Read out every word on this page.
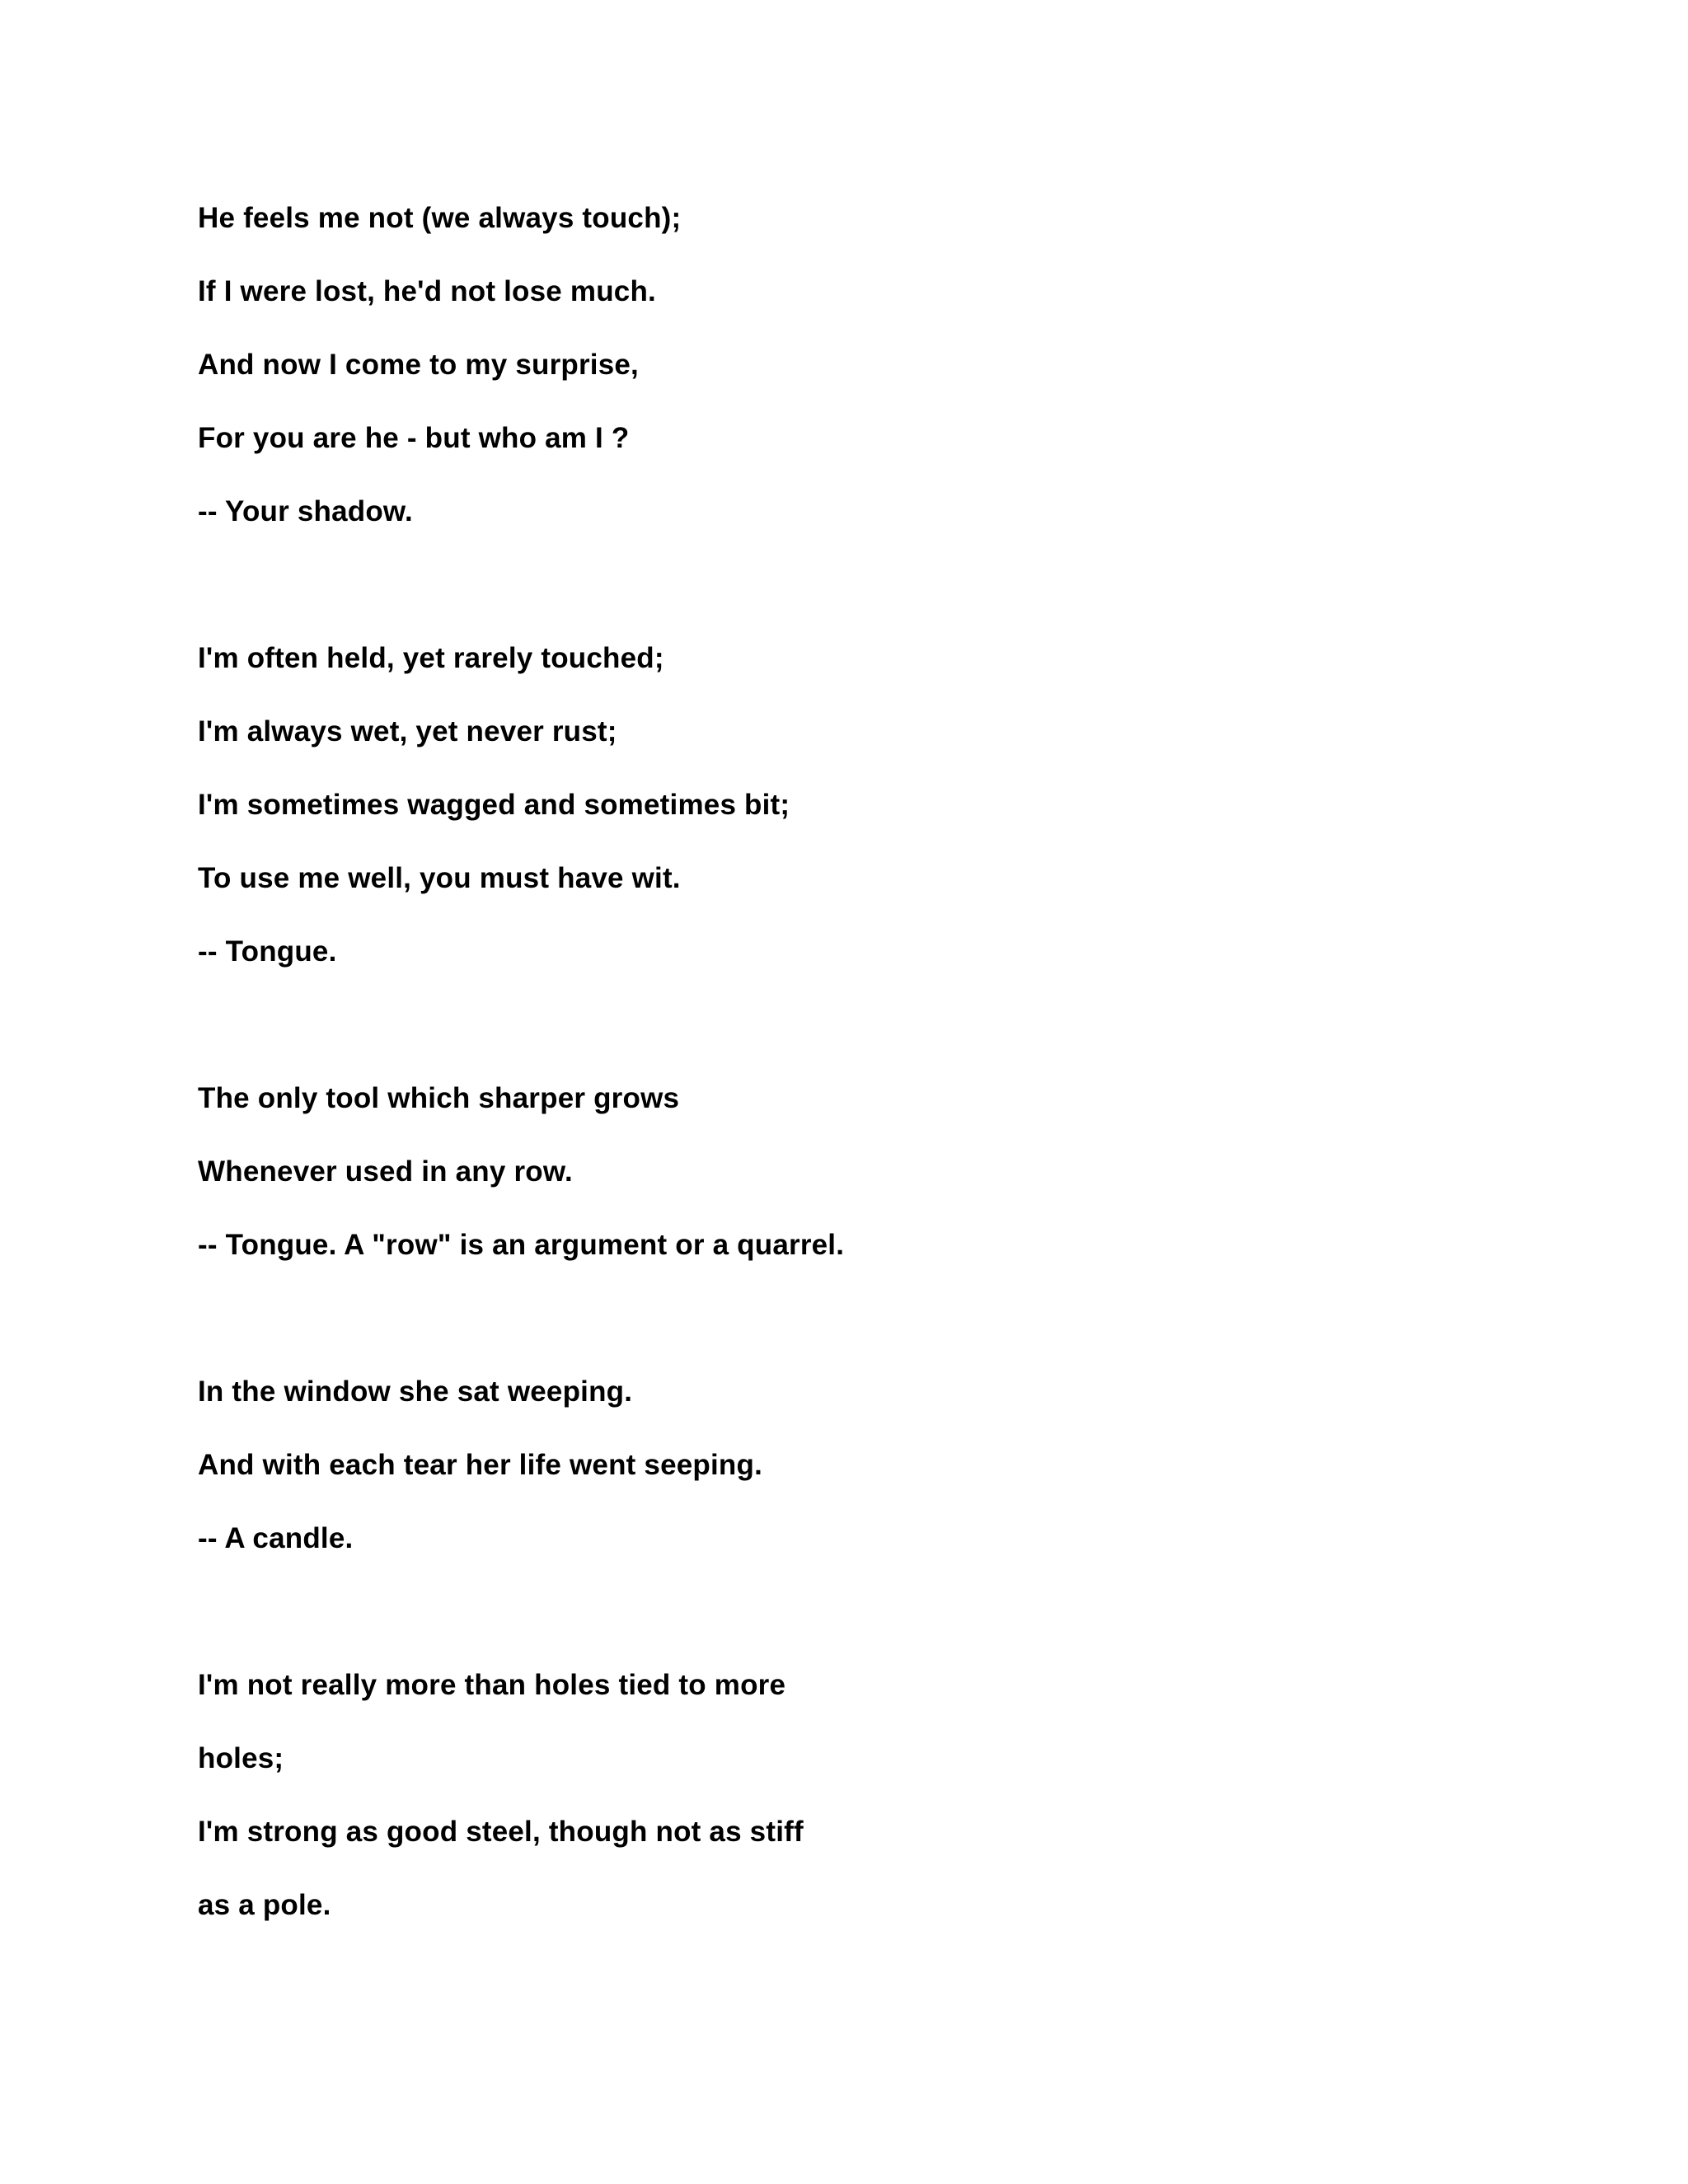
He feels me not (we always touch);
If I were lost, he'd not lose much.
And now I come to my surprise,
For you are he - but who am I ?
-- Your shadow.
I'm often held, yet rarely touched;
I'm always wet, yet never rust;
I'm sometimes wagged and sometimes bit;
To use me well, you must have wit.
-- Tongue.
The only tool which sharper grows
Whenever used in any row.
-- Tongue. A "row" is an argument or a quarrel.
In the window she sat weeping.
And with each tear her life went seeping.
-- A candle.
I'm not really more than holes tied to more
holes;
I'm strong as good steel, though not as stiff
as a pole.
